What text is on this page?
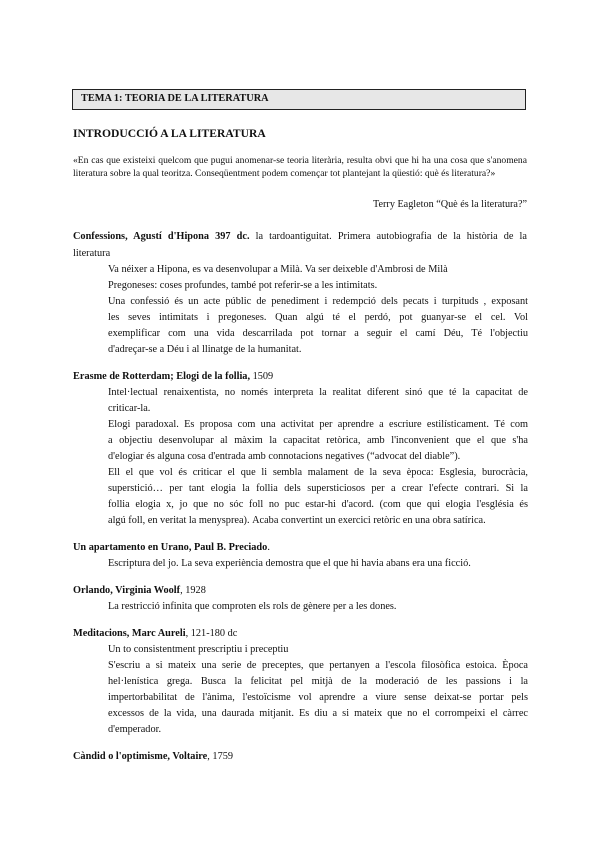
TEMA 1: TEORIA DE LA LITERATURA
INTRODUCCIÓ A LA LITERATURA
«En cas que existeixi quelcom que pugui anomenar-se teoria literària, resulta obvi que hi ha una cosa que s'anomena literatura sobre la qual teoritza. Conseqüentment podem començar tot plantejant la qüestió: què és literatura?»
Terry Eagleton “Què és la literatura?”
Confessions, Agustí d'Hipona 397 dc. la tardoantiguitat. Primera autobiografia de la història de la
literatura
Va néixer a Hipona, es va desenvolupar a Milà. Va ser deixeble d'Ambrosi de Milà
Pregoneses: coses profundes, també pot referir-se a les intimitats.
Una confessió és un acte públic de penediment i redempció dels pecats i turpituds , exposant
les seves intimitats i pregoneses. Quan algú té el perdó, pot guanyar-se el cel. Vol
exemplificar com una vida descarrilada pot tornar a seguir el camí Déu, Té l'objectiu
d'adreçar-se a Déu i al llinatge de la humanitat.
Erasme de Rotterdam; Elogi de la follia, 1509
Intel·lectual renaixentista, no només interpreta la realitat diferent sinó que té la capacitat de
criticar-la.
Elogi paradoxal. Es proposa com una activitat per aprendre a escriure estilísticament. Té com
a objectiu desenvolupar al màxim la capacitat retòrica, amb l'inconvenient que el que s'ha
d'elogiar és alguna cosa d'entrada amb connotacions negatives (“advocat del diable”).
Ell el que vol és criticar el que li sembla malament de la seva època: Esglesia, burocràcia,
superstició… per tant elogia la follia dels supersticiosos per a crear l'efecte contrari. Si la
follia elogia x, jo que no sóc foll no puc estar-hi d'acord. (com que qui elogia l'església és
algú foll, en veritat la menyspreа). Acaba convertint un exercici retòric en una obra satírica.
Un apartamento en Urano, Paul B. Preciado.
Escriptura del jo. La seva experiència demostra que el que hi havia abans era una ficció.
Orlando, Virginia Woolf, 1928
La restricció infinita que comproten els rols de gènere per a les dones.
Meditacions, Marc Aureli, 121-180 dc
Un to consistentment prescriptiu i preceptiu
S'escriu a si mateix una serie de preceptes, que pertanyen a l'escola filosòfica estoica. Època
hel·lenística grega. Busca la felicitat pel mitjà de la moderació de les passions i la
impertorbabilitat de l'ànima, l'estoïcisme vol aprendre a viure sense deixat-se portar pels
excessos de la vida, una daurada mitjanit. Es diu a si mateix que no el corrompeixi el càrrec
d'emperador.
Càndid o l'optimisme, Voltaire, 1759
